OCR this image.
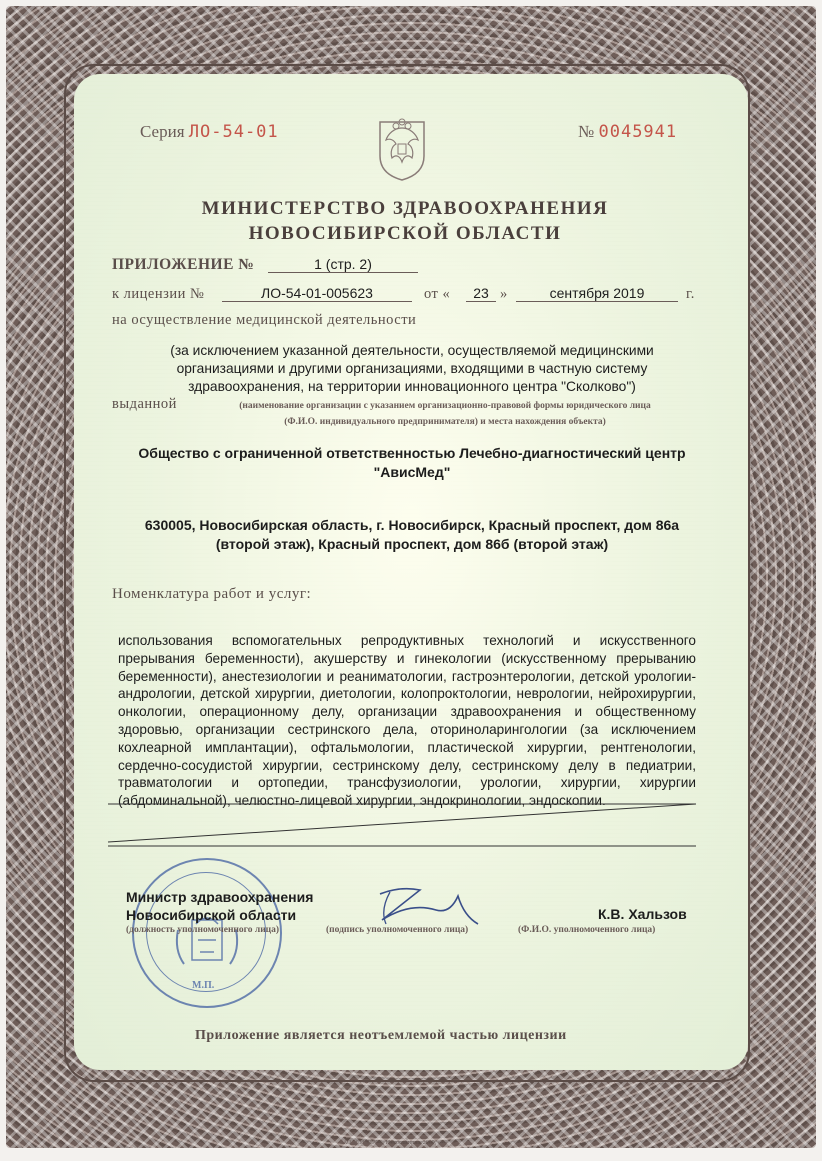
Серия ЛО-54-01	№ 0045941
МИНИСТЕРСТВО ЗДРАВООХРАНЕНИЯ
НОВОСИБИРСКОЙ ОБЛАСТИ
ПРИЛОЖЕНИЕ №	1 (стр. 2)
к лицензии №	ЛО-54-01-005623	от «	23 »	сентября 2019	г.
на осуществление медицинской деятельности
(за исключением указанной деятельности, осуществляемой медицинскими
организациями и другими организациями, входящими в частную систему
здравоохранения, на территории инновационного центра "Сколково")
выданной	(наименование организации с указанием организационно-правовой формы юридического лица
(Ф.И.О. индивидуального предпринимателя) и места нахождения объекта)
Общество с ограниченной ответственностью Лечебно-диагностический центр
"АвисМед"
630005, Новосибирская область, г. Новосибирск, Красный проспект, дом 86а
(второй этаж), Красный проспект, дом 86б (второй этаж)
Номенклатура работ и услуг:
использования вспомогательных репродуктивных технологий и искусственного прерывания беременности), акушерству и гинекологии (искусственному прерыванию беременности), анестезиологии и реаниматологии, гастроэнтерологии, детской урологии-андрологии, детской хирургии, диетологии, колопроктологии, неврологии, нейрохирургии, онкологии, операционному делу, организации здравоохранения и общественному здоровью, организации сестринского дела, оториноларингологии (за исключением кохлеарной имплантации), офтальмологии, пластической хирургии, рентгенологии, сердечно-сосудистой хирургии, сестринскому делу, сестринскому делу в педиатрии, травматологии и ортопедии, трансфузиологии, урологии, хирургии, хирургии (абдоминальной), челюстно-лицевой хирургии, эндокринологии, эндоскопии.
М.П.
Министр здравоохранения
Новосибирской области
(должность уполномоченного лица)	(подпись уполномоченного лица)
К.В. Хальзов
(Ф.И.О. уполномоченного лица)
Приложение является неотъемлемой частью лицензии
ЗАО «СИБПРО», Новосибирск, 2019, «Б»
